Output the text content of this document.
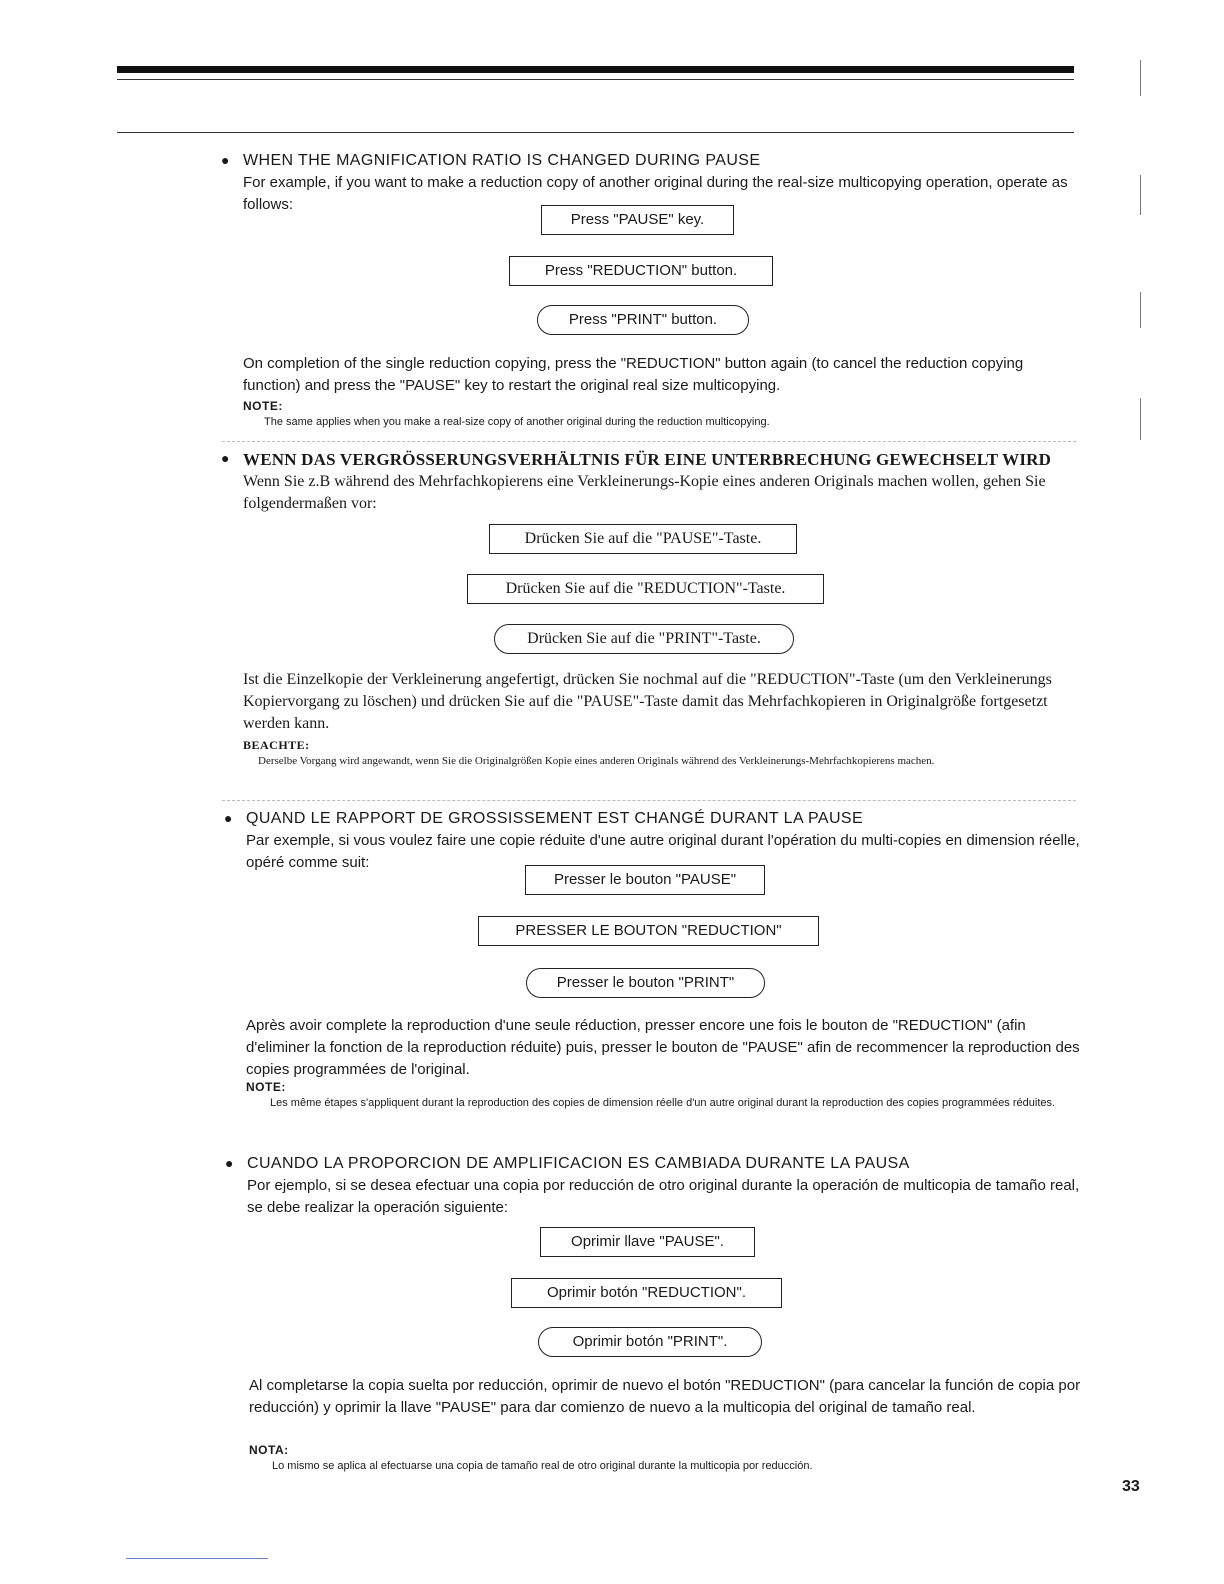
● WHEN THE MAGNIFICATION RATIO IS CHANGED DURING PAUSE
For example, if you want to make a reduction copy of another original during the real-size multicopying operation, operate as follows:
Press "PAUSE" key.
Press "REDUCTION" button.
Press "PRINT" button.
On completion of the single reduction copying, press the "REDUCTION" button again (to cancel the reduction copying function) and press the "PAUSE" key to restart the original real size multicopying.
NOTE:
The same applies when you make a real-size copy of another original during the reduction multicopying.
● WENN DAS VERGRÖSSERUNGSVERHÄLTNIS FÜR EINE UNTERBRECHUNG GEWECHSELT WIRD
Wenn Sie z.B während des Mehrfachkopierens eine Verkleinerungs-Kopie eines anderen Originals machen wollen, gehen Sie folgendermaßen vor:
Drücken Sie auf die "PAUSE"-Taste.
Drücken Sie auf die "REDUCTION"-Taste.
Drücken Sie auf die "PRINT"-Taste.
Ist die Einzelkopie der Verkleinerung angefertigt, drücken Sie nochmal auf die "REDUCTION"-Taste (um den Verkleinerungs Kopiervorgang zu löschen) und drücken Sie auf die "PAUSE"-Taste damit das Mehrfachkopieren in Originalgröße fortgesetzt werden kann.
BEACHTE:
Derselbe Vorgang wird angewandt, wenn Sie die Originalgrößen Kopie eines anderen Originals während des Verkleinerungs-Mehrfachkopierens machen.
● QUAND LE RAPPORT DE GROSSISSEMENT EST CHANGÉ DURANT LA PAUSE
Par exemple, si vous voulez faire une copie réduite d'une autre original durant l'opération du multi-copies en dimension réelle, opéré comme suit:
Presser le bouton "PAUSE"
PRESSER LE BOUTON "REDUCTION"
Presser le bouton "PRINT"
Après avoir complete la reproduction d'une seule réduction, presser encore une fois le bouton de "REDUCTION" (afin d'eliminer la fonction de la reproduction réduite) puis, presser le bouton de "PAUSE" afin de recommencer la reproduction des copies programmées de l'original.
NOTE:
Les même étapes s'appliquent durant la reproduction des copies de dimension réelle d'un autre original durant la reproduction des copies programmées réduites.
● CUANDO LA PROPORCION DE AMPLIFICACION ES CAMBIADA DURANTE LA PAUSA
Por ejemplo, si se desea efectuar una copia por reducción de otro original durante la operación de multicopia de tamaño real, se debe realizar la operación siguiente:
Oprimir llave "PAUSE".
Oprimir botón "REDUCTION".
Oprimir botón "PRINT".
Al completarse la copia suelta por reducción, oprimir de nuevo el botón "REDUCTION" (para cancelar la función de copia por reducción) y oprimir la llave "PAUSE" para dar comienzo de nuevo a la multicopia del original de tamaño real.
NOTA:
Lo mismo se aplica al efectuarse una copia de tamaño real de otro original durante la multicopia por reducción.
33
